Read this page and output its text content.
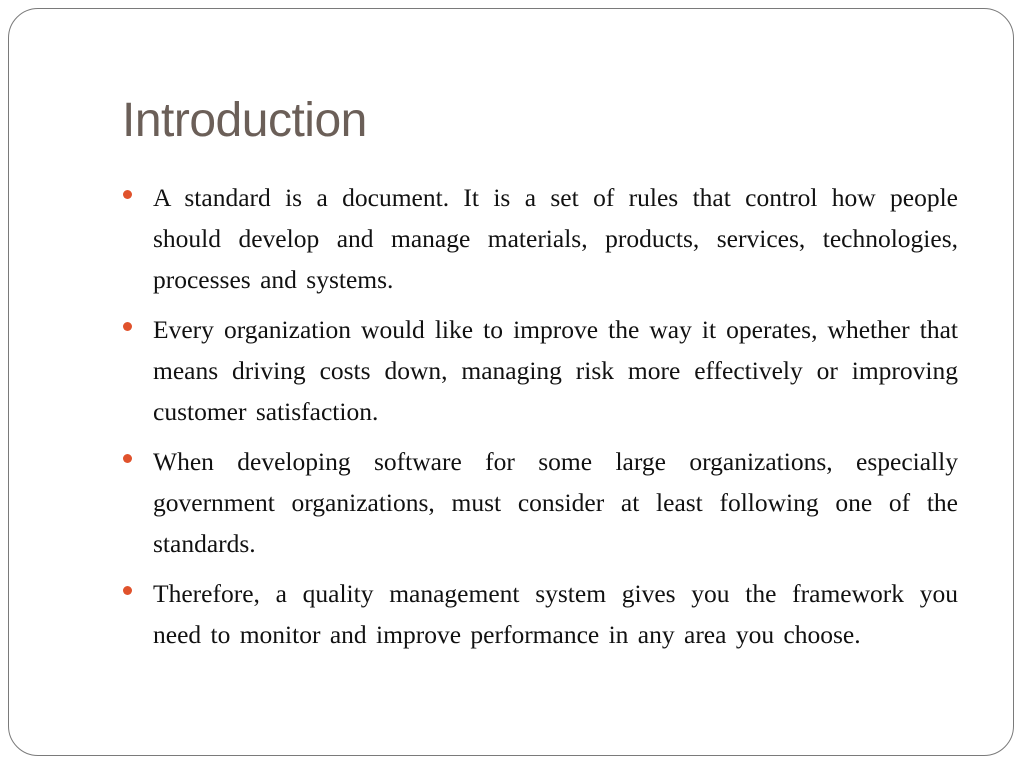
Introduction
A standard is a document. It is a set of rules that control how people should develop and manage materials, products, services, technologies, processes and systems.
Every organization would like to improve the way it operates, whether that means driving costs down, managing risk more effectively or improving customer satisfaction.
When developing software for some large organizations, especially government organizations, must consider at least following one of the standards.
Therefore, a quality management system gives you the framework you need to monitor and improve performance in any area you choose.
